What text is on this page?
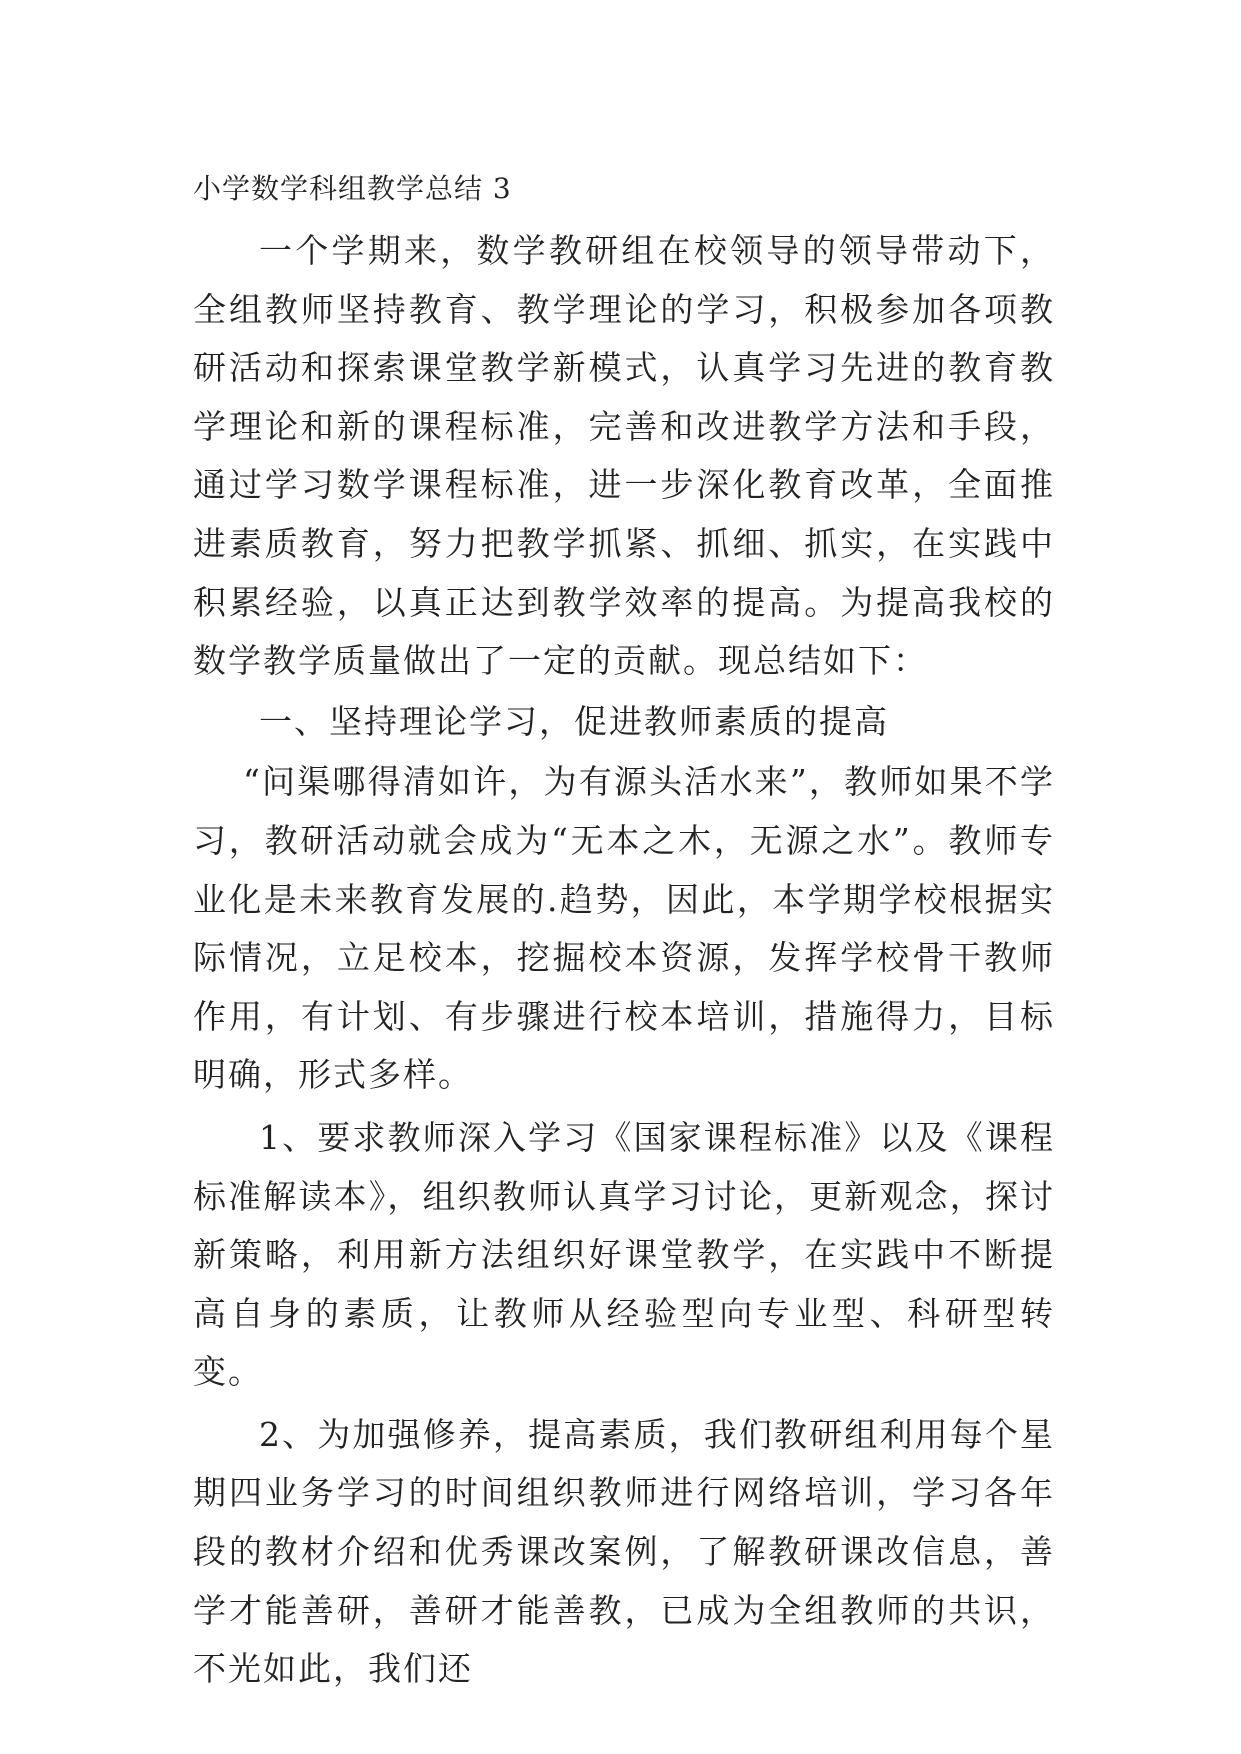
小学数学科组教学总结 3

一个学期来，数学教研组在校领导的领导带动下，全组教师坚持教育、教学理论的学习，积极参加各项教研活动和探索课堂教学新模式，认真学习先进的教育教学理论和新的课程标准，完善和改进教学方法和手段，通过学习数学课程标准，进一步深化教育改革，全面推进素质教育，努力把教学抓紧、抓细、抓实，在实践中积累经验，以真正达到教学效率的提高。为提高我校的数学教学质量做出了一定的贡献。现总结如下：

一、坚持理论学习，促进教师素质的提高

“问渠哪得清如许，为有源头活水来”，教师如果不学习，教研活动就会成为“无本之木，无源之水”。教师专业化是未来教育发展的.趋势，因此，本学期学校根据实际情况，立足校本，挖掘校本资源，发挥学校骨干教师作用，有计划、有步骤进行校本培训，措施得力，目标明确，形式多样。

1、要求教师深入学习《国家课程标准》以及《课程标准解读本》，组织教师认真学习讨论，更新观念，探讨新策略，利用新方法组织好课堂教学，在实践中不断提高自身的素质，让教师从经验型向专业型、科研型转变。

2、为加强修养，提高素质，我们教研组利用每个星期四业务学习的时间组织教师进行网络培训，学习各年段的教材介绍和优秀课改案例，了解教研课改信息，善学才能善研，善研才能善教，已成为全组教师的共识，不光如此，我们还
